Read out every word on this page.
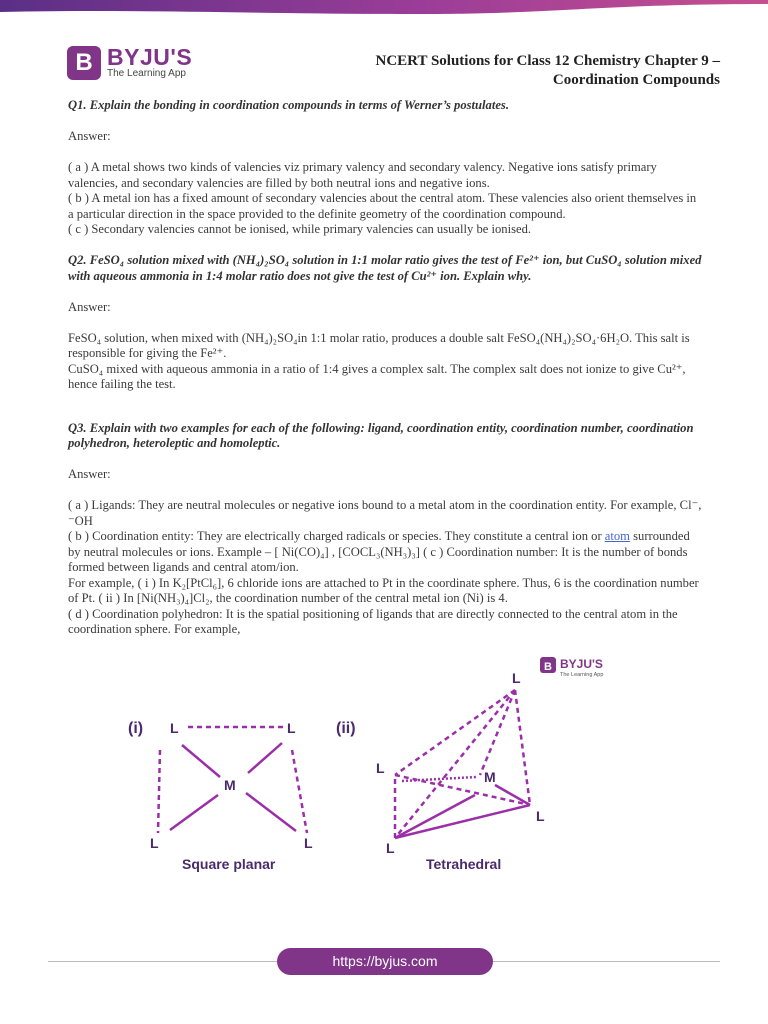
B BYJU'S
The Learning App
NCERT Solutions for Class 12 Chemistry Chapter 9 –
Coordination Compounds

Q1. Explain the bonding in coordination compounds in terms of Werner’s postulates.

Answer:

( a ) A metal shows two kinds of valencies viz primary valency and secondary valency. Negative ions satisfy primary valencies, and secondary valencies are filled by both neutral ions and negative ions.

( b ) A metal ion has a fixed amount of secondary valencies about the central atom. These valencies also orient themselves in a particular direction in the space provided to the definite geometry of the coordination compound.

( c ) Secondary valencies cannot be ionised, while primary valencies can usually be ionised.

Q2. FeSO₄ solution mixed with (NH₄)₂SO₄ solution in 1:1 molar ratio gives the test of Fe²⁺ ion, but CuSO₄ solution mixed with aqueous ammonia in 1:4 molar ratio does not give the test of Cu²⁺ ion. Explain why.

Answer:

FeSO₄ solution, when mixed with (NH₄)₂SO₄in 1:1 molar ratio, produces a double salt FeSO₄(NH₄)₂SO₄·6H₂O. This salt is responsible for giving the Fe²⁺.

CuSO₄ mixed with aqueous ammonia in a ratio of 1:4 gives a complex salt. The complex salt does not ionize to give Cu²⁺, hence failing the test.

Q3. Explain with two examples for each of the following: ligand, coordination entity, coordination number, coordination polyhedron, heteroleptic and homoleptic.

Answer:

( a ) Ligands: They are neutral molecules or negative ions bound to a metal atom in the coordination entity. For example, Cl⁻, ⁻OH

( b ) Coordination entity: They are electrically charged radicals or species. They constitute a central ion or atom surrounded by neutral molecules or ions. Example – [ Ni(CO)₄] , [COCL₃(NH₃)₃] ( c ) Coordination number: It is the number of bonds formed between ligands and central atom/ion.

For example, ( i ) In K₂[PtCl₆], 6 chloride ions are attached to Pt in the coordinate sphere. Thus, 6 is the coordination number of Pt. ( ii ) In [Ni(NH₃)₄]Cl₂, the coordination number of the central metal ion (Ni) is 4.

( d ) Coordination polyhedron: It is the spatial positioning of ligands that are directly connected to the central atom in the coordination sphere. For example,

(i)	(ii)
L	L
M
L	L
Square planar
L
L
M
L
L
Tetrahedral
B BYJU'S
The Learning App
https://byjus.com
